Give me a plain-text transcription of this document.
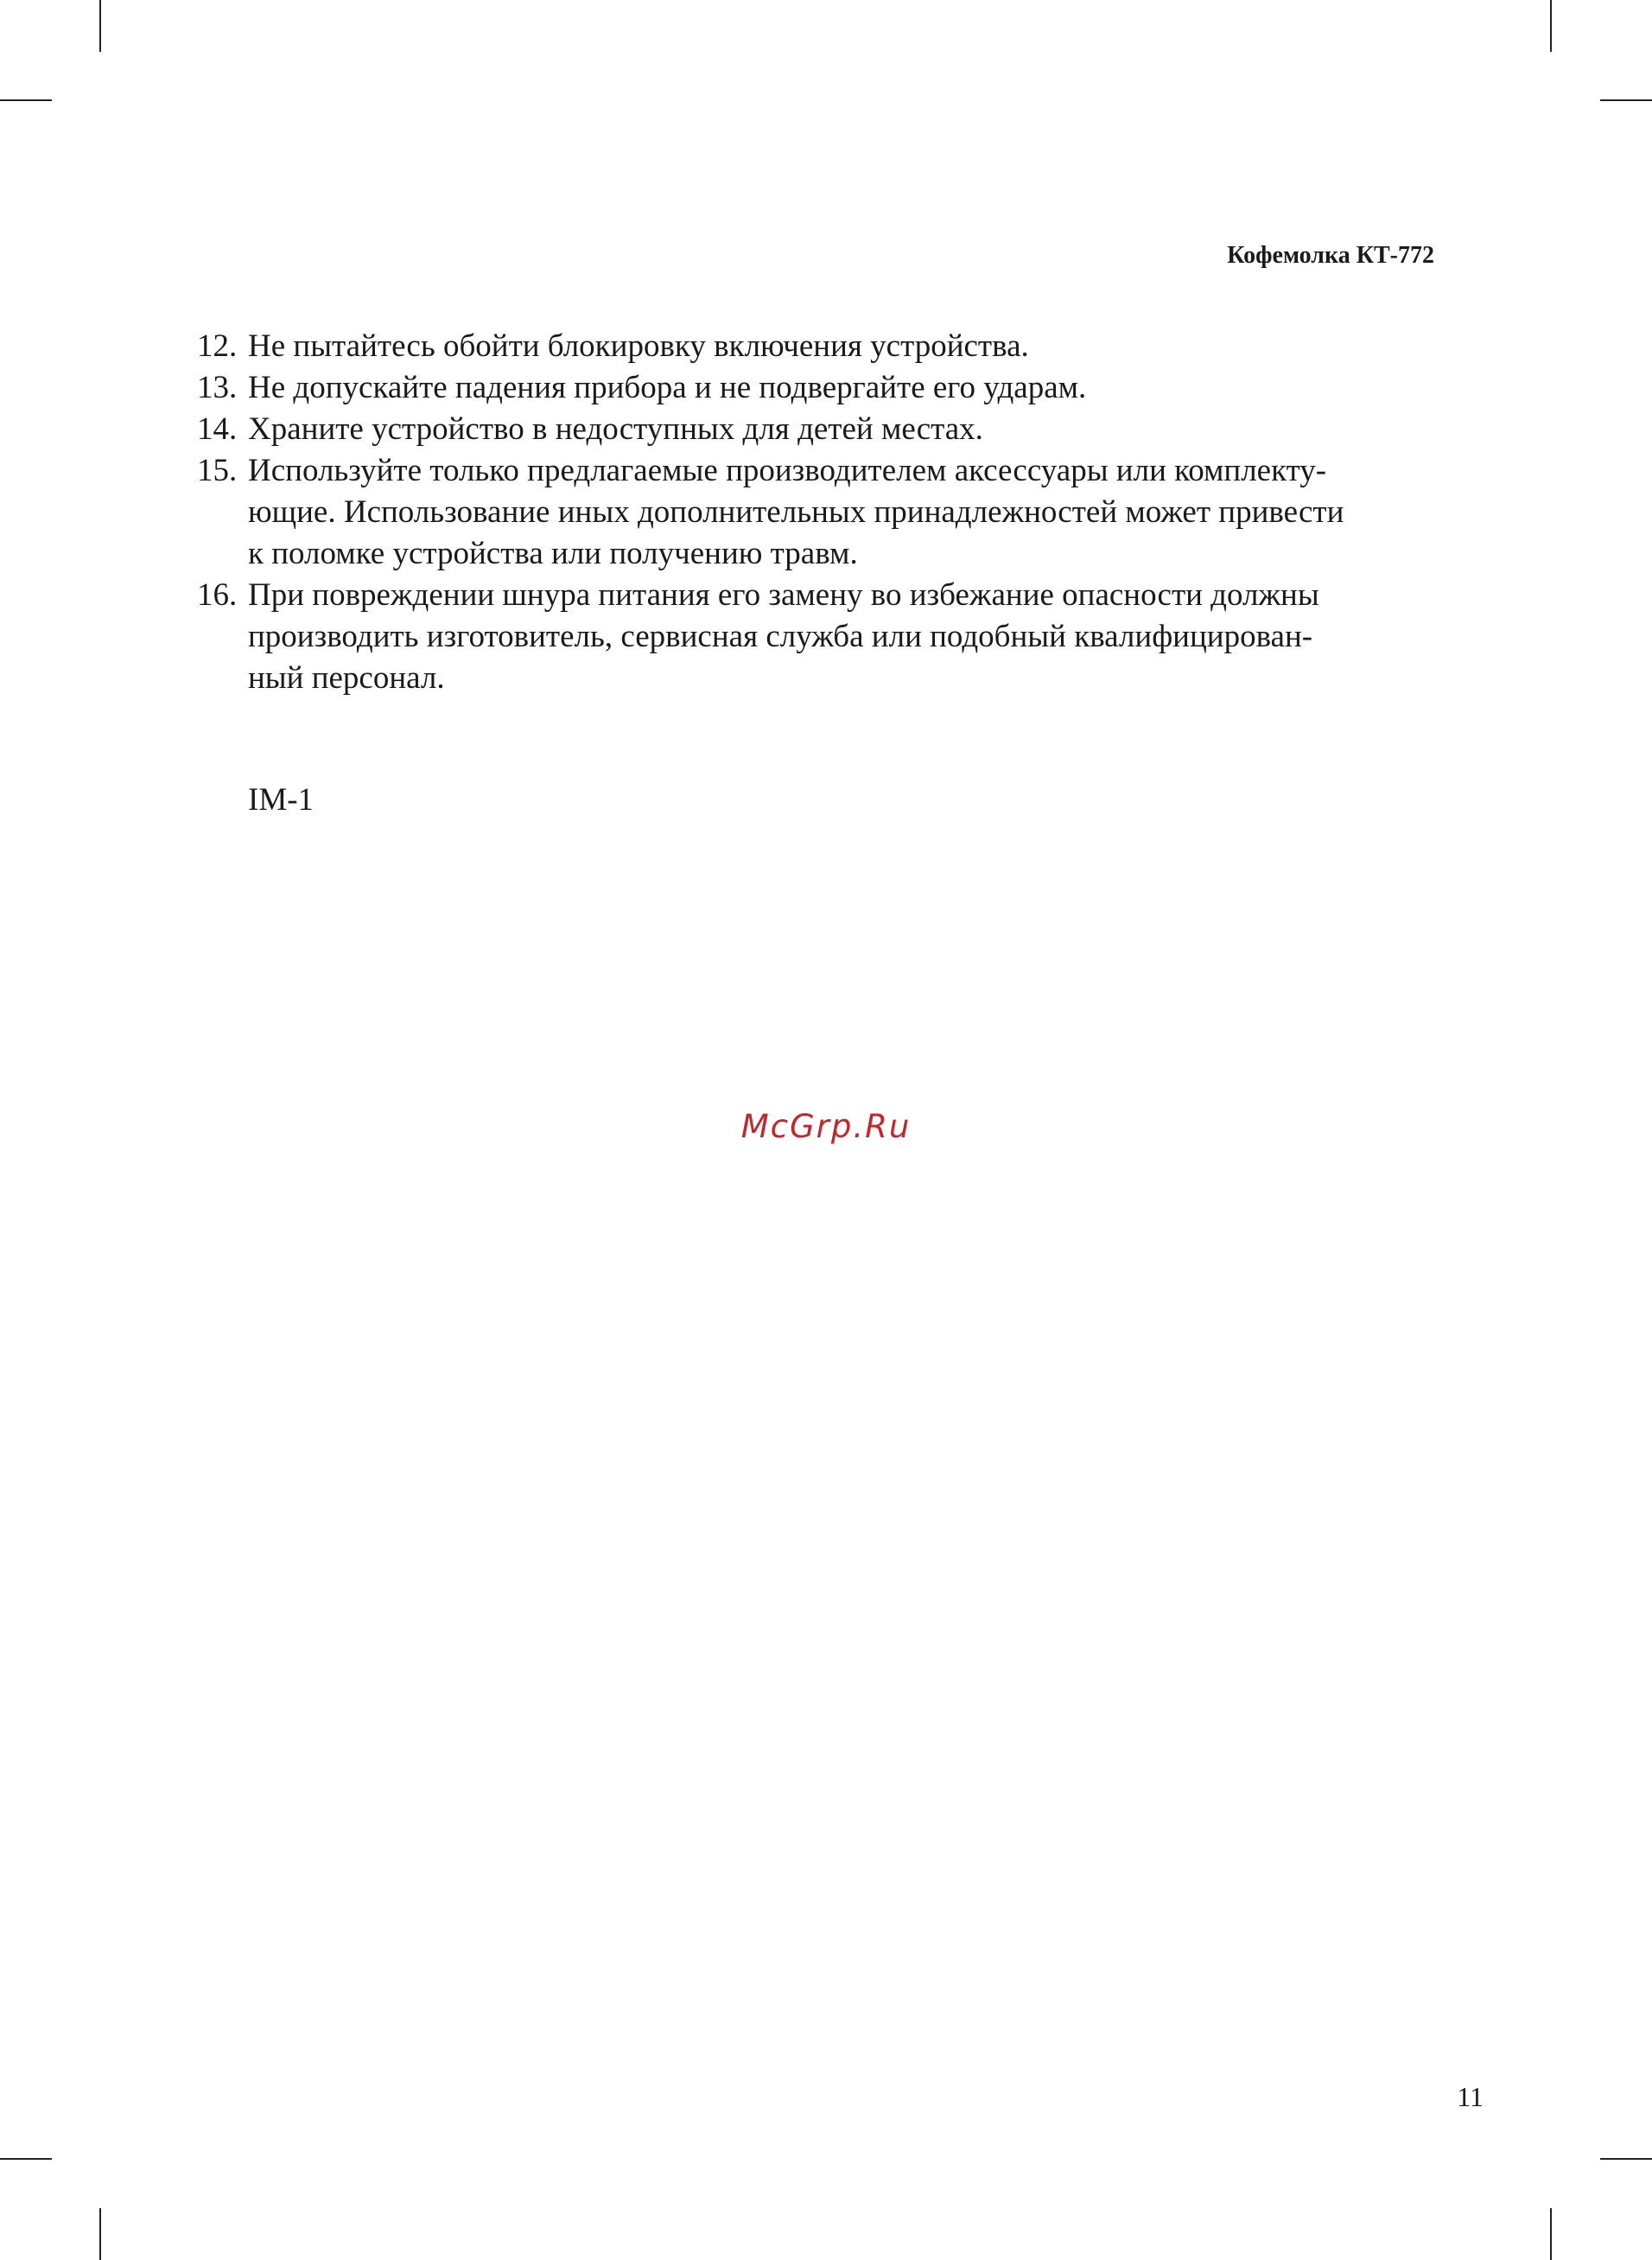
Кофемолка КТ-772
12. Не пытайтесь обойти блокировку включения устройства.
13. Не допускайте падения прибора и не подвергайте его ударам.
14. Храните устройство в недоступных для детей местах.
15. Используйте только предлагаемые производителем аксессуары или комплекту-
ющие. Использование иных дополнительных принадлежностей может привести
к поломке устройства или получению травм.
16. При повреждении шнура питания его замену во избежание опасности должны
производить изготовитель, сервисная служба или подобный квалифицирован-
ный персонал.
IM-1
McGrp.Ru
11
